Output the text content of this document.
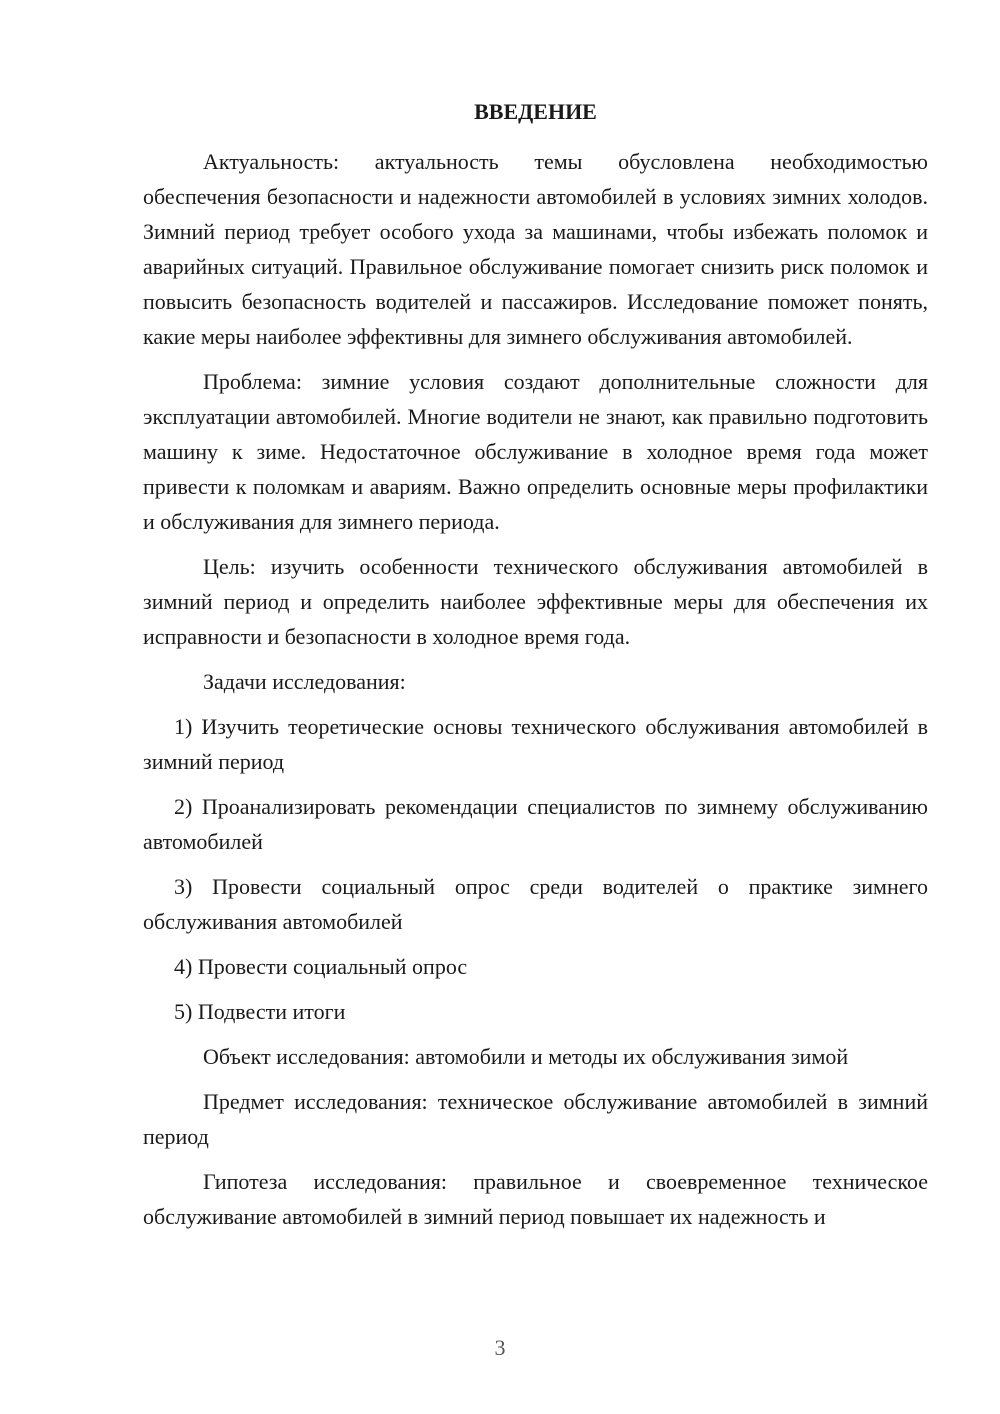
ВВЕДЕНИЕ

Актуальность: актуальность темы обусловлена необходимостью обеспечения безопасности и надежности автомобилей в условиях зимних холодов. Зимний период требует особого ухода за машинами, чтобы избежать поломок и аварийных ситуаций. Правильное обслуживание помогает снизить риск поломок и повысить безопасность водителей и пассажиров. Исследование поможет понять, какие меры наиболее эффективны для зимнего обслуживания автомобилей.

Проблема: зимние условия создают дополнительные сложности для эксплуатации автомобилей. Многие водители не знают, как правильно подготовить машину к зиме. Недостаточное обслуживание в холодное время года может привести к поломкам и авариям. Важно определить основные меры профилактики и обслуживания для зимнего периода.

Цель: изучить особенности технического обслуживания автомобилей в зимний период и определить наиболее эффективные меры для обеспечения их исправности и безопасности в холодное время года.

Задачи исследования:

1) Изучить теоретические основы технического обслуживания автомобилей в зимний период

2) Проанализировать рекомендации специалистов по зимнему обслуживанию автомобилей

3) Провести социальный опрос среди водителей о практике зимнего обслуживания автомобилей

4) Провести социальный опрос

5) Подвести итоги

Объект исследования: автомобили и методы их обслуживания зимой

Предмет исследования: техническое обслуживание автомобилей в зимний период

Гипотеза исследования: правильное и своевременное техническое обслуживание автомобилей в зимний период повышает их надежность и

3
